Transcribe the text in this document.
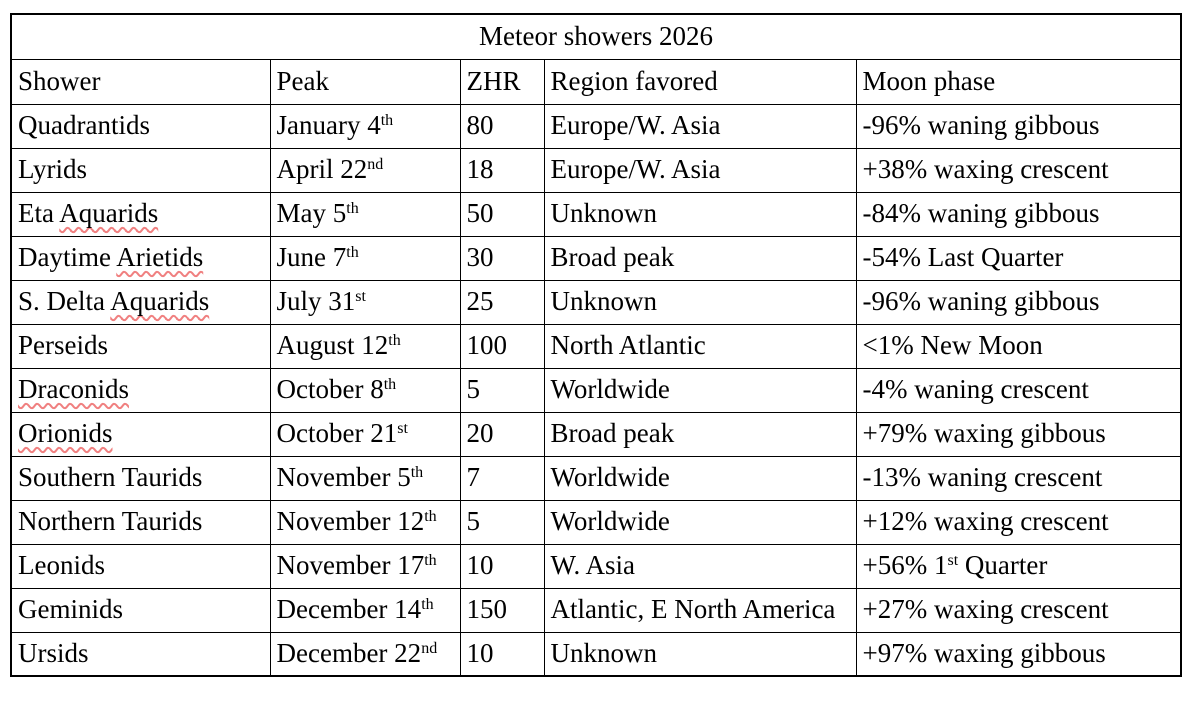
Meteor showers 2026				
Shower	Peak	ZHR	Region favored	Moon phase
Quadrantids	January 4th	80	Europe/W. Asia	-96% waning gibbous
Lyrids	April 22nd	18	Europe/W. Asia	+38% waxing crescent
Eta Aquarids	May 5th	50	Unknown	-84% waning gibbous
Daytime Arietids	June 7th	30	Broad peak	-54% Last Quarter
S. Delta Aquarids	July 31st	25	Unknown	-96% waning gibbous
Perseids	August 12th	100	North Atlantic	<1% New Moon
Draconids	October 8th	5	Worldwide	-4% waning crescent
Orionids	October 21st	20	Broad peak	+79% waxing gibbous
Southern Taurids	November 5th	7	Worldwide	-13% waning crescent
Northern Taurids	November 12th	5	Worldwide	+12% waxing crescent
Leonids	November 17th	10	W. Asia	+56% 1st Quarter
Geminids	December 14th	150	Atlantic, E North America	+27% waxing crescent
Ursids	December 22nd	10	Unknown	+97% waxing gibbous
